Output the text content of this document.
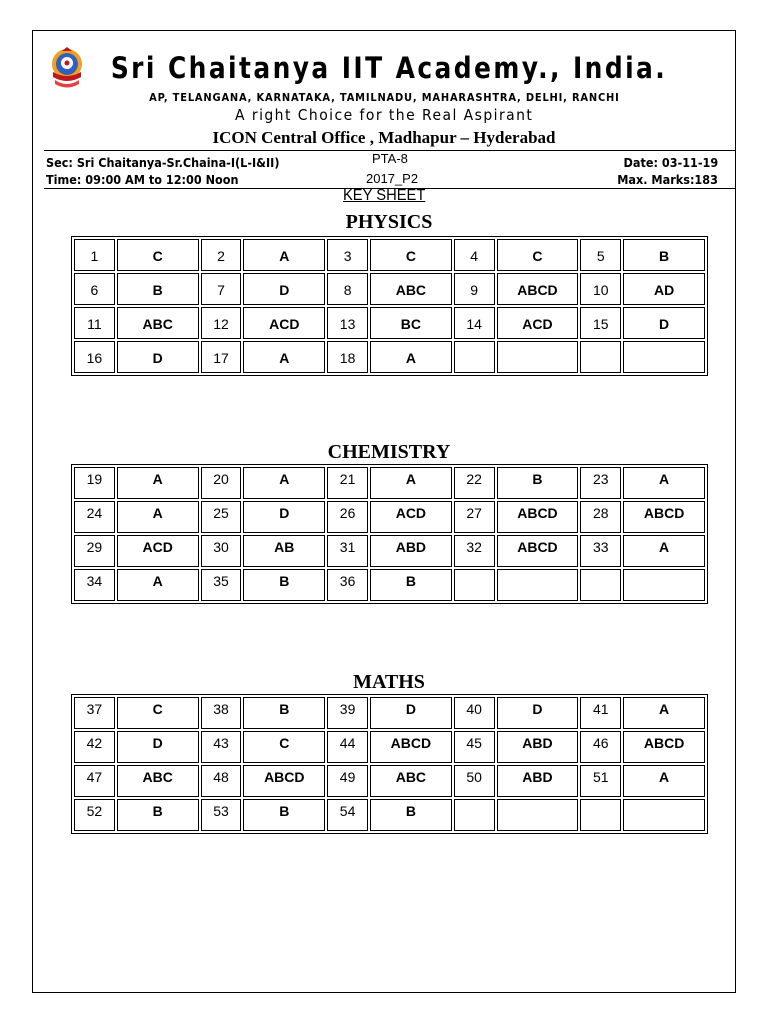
Sri Chaitanya IIT Academy., India.
AP, TELANGANA, KARNATAKA, TAMILNADU, MAHARASHTRA, DELHI, RANCHI
A right Choice for the Real Aspirant
ICON Central Office , Madhapur – Hyderabad
Sec: Sri Chaitanya-Sr.Chaina-I(L-I&II)
Time: 09:00 AM to 12:00 Noon
PTA-8
2017_P2
Date: 03-11-19
Max. Marks:183
KEY SHEET
PHYSICS
1	C	2	A	3	C	4	C	5	B
6	B	7	D	8	ABC	9	ABCD	10	AD
11	ABC	12	ACD	13	BC	14	ACD	15	D
16	D	17	A	18	A				
CHEMISTRY
19	A	20	A	21	A	22	B	23	A
24	A	25	D	26	ACD	27	ABCD	28	ABCD
29	ACD	30	AB	31	ABD	32	ABCD	33	A
34	A	35	B	36	B				
MATHS
37	C	38	B	39	D	40	D	41	A
42	D	43	C	44	ABCD	45	ABD	46	ABCD
47	ABC	48	ABCD	49	ABC	50	ABD	51	A
52	B	53	B	54	B				
